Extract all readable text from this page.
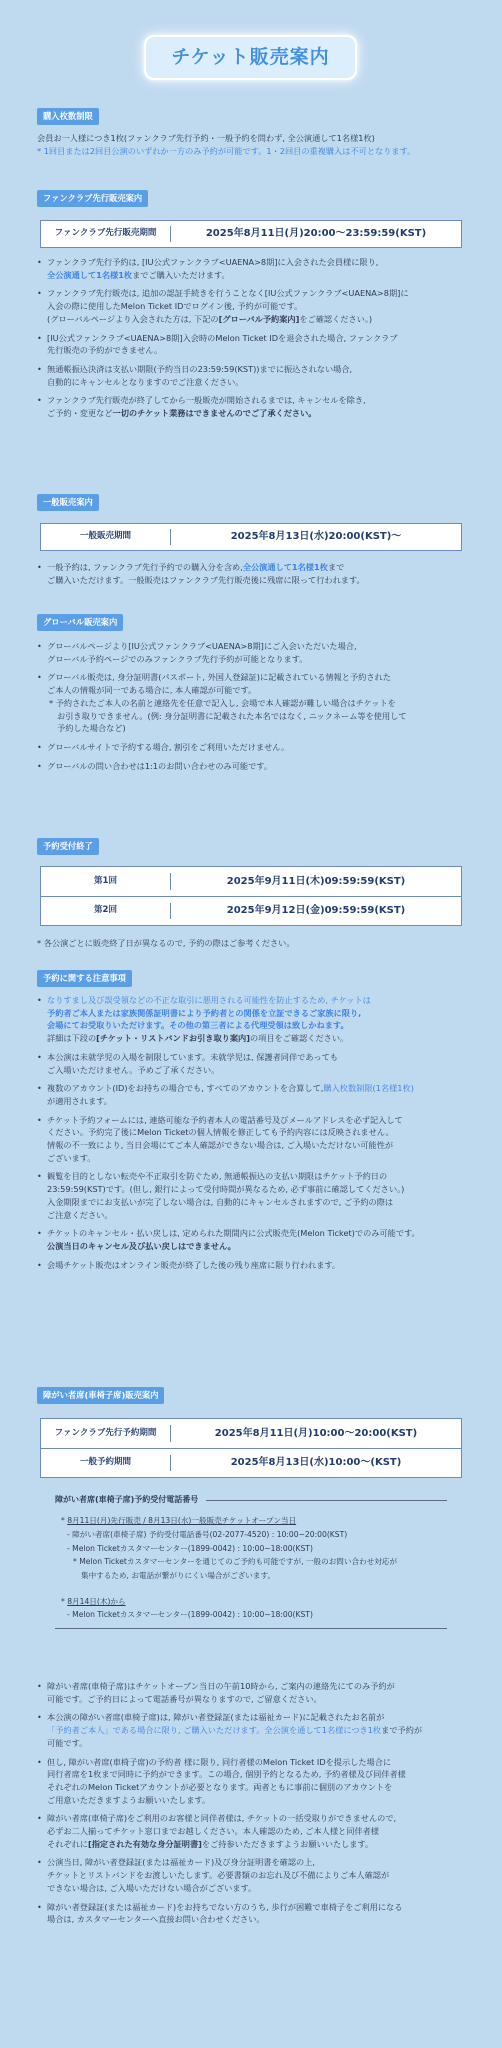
チケット販売案内
購入枚数制限
会員お一人様につき1枚(ファンクラブ先行予約・一般予約を問わず, 全公演通して1名様1枚)
* 1回目または2回目公演のいずれか一方のみ予約が可能です。1・2回目の重複購入は不可となります。
ファンクラブ先行販売案内
ファンクラブ先行販売期間	2025年8月11日(月)20:00～23:59:59(KST)
• ファンクラブ先行予約は, [IU公式ファンクラブ<UAENA>8期]に入会された会員様に限り,
全公演通して1名様1枚までご購入いただけます。
• ファンクラブ先行販売は, 追加の認証手続きを行うことなく[IU公式ファンクラブ<UAENA>8期]に
入会の際に使用したMelon Ticket IDでログイン後, 予約が可能です。
(グローバルページより入会された方は, 下記の[グローバル予約案内]をご確認ください。)
• [IU公式ファンクラブ<UAENA>8期]入会時のMelon Ticket IDを退会された場合, ファンクラブ
先行販売の予約ができません。
• 無通帳振込決済は支払い期限(予約当日の23:59:59(KST))までに振込されない場合,
自動的にキャンセルとなりますのでご注意ください。
• ファンクラブ先行販売が終了してから一般販売が開始されるまでは, キャンセルを除き,
ご予約・変更など一切のチケット業務はできませんのでご了承ください。
一般販売案内
一般販売期間	2025年8月13日(水)20:00(KST)～
• 一般予約は, ファンクラブ先行予約での購入分を含め,全公演通して1名様1枚まで
ご購入いただけます。一般販売はファンクラブ先行販売後に残席に限って行われます。
グローバル販売案内
• グローバルページより[IU公式ファンクラブ<UAENA>8期]にご入会いただいた場合,
グローバル予約ページでのみファンクラブ先行予約が可能となります。
• グローバル販売は, 身分証明書(パスポート, 外国人登録証)に記載されている情報と予約された
ご本人の情報が同一である場合に, 本人確認が可能です。
* 予約されたご本人の名前と連絡先を任意で記入し, 会場で本人確認が難しい場合はチケットを
お引き取りできません。(例: 身分証明書に記載された本名ではなく, ニックネーム等を使用して
予約した場合など)
• グローバルサイトで予約する場合, 割引をご利用いただけません。
• グローバルの問い合わせは1:1のお問い合わせのみ可能です。
予約受付終了
第1回	2025年9月11日(木)09:59:59(KST)
第2回	2025年9月12日(金)09:59:59(KST)
* 各公演ごとに販売終了日が異なるので, 予約の際はご参考ください。
予約に関する注意事項
• なりすまし及び誤受領などの不正な取引に悪用される可能性を防止するため, チケットは
予約者ご本人または家族関係証明書により予約者との関係を立証できるご家族に限り,
会場にてお受取りいただけます。その他の第三者による代理受領は致しかねます。
詳細は下段の[チケット・リストバンドお引き取り案内]の項目をご確認ください。
• 本公演は未就学児の入場を制限しています。未就学児は, 保護者同伴であっても
ご入場いただけません。予めご了承ください。
• 複数のアカウント(ID)をお持ちの場合でも, すべてのアカウントを合算して,購入枚数制限(1名様1枚)
が適用されます。
• チケット予約フォームには, 連絡可能な予約者本人の電話番号及びメールアドレスを必ず記入して
ください。予約完了後にMelon Ticketの個人情報を修正しても予約内容には反映されません。
情報の不一致により, 当日会場にてご本人確認ができない場合は, ご入場いただけない可能性が
ございます。
• 観覧を目的としない転売や不正取引を防ぐため, 無通帳振込の支払い期限はチケット予約日の
23:59:59(KST)です。(但し, 銀行によって受付時間が異なるため, 必ず事前に確認してください。)
入金期限までにお支払いが完了しない場合は, 自動的にキャンセルされますので, ご予約の際は
ご注意ください。
• チケットのキャンセル・払い戻しは, 定められた期間内に公式販売先(Melon Ticket)でのみ可能です。
公演当日のキャンセル及び払い戻しはできません。
• 会場チケット販売はオンライン販売が終了した後の残り座席に限り行われます。
障がい者席(車椅子席)販売案内
ファンクラブ先行予約期間	2025年8月11日(月)10:00～20:00(KST)
一般予約期間	2025年8月13日(水)10:00～(KST)
障がい者席(車椅子席)予約受付電話番号
* 8月11日(月)先行販売 / 8月13日(水)一般販売チケットオープン当日
- 障がい者席(車椅子席) 予約受付電話番号(02-2077-4520) : 10:00~20:00(KST)
- Melon Ticketカスタマーセンター(1899-0042) : 10:00~18:00(KST)
* Melon Ticketカスタマーセンターを通じてのご予約も可能ですが, 一般のお問い合わせ対応が
集中するため, お電話が繋がりにくい場合がございます。
* 8月14日(木)から
- Melon Ticketカスタマーセンター(1899-0042) : 10:00~18:00(KST)
• 障がい者席(車椅子席)はチケットオープン当日の午前10時から, ご案内の連絡先にてのみ予約が
可能です。ご予約日によって電話番号が異なりますので, ご留意ください。
• 本公演の障がい者席(車椅子席)は, 障がい者登録証(または福祉カード)に記載されたお名前が
「予約者ご本人」である場合に限り, ご購入いただけます。全公演を通して1名様につき1枚まで予約が
可能です。
• 但し, 障がい者席(車椅子席)の予約者 様に限り, 同行者様のMelon Ticket IDを提示した場合に
同行者席を1枚まで同時に予約ができます。この場合, 個別予約となるため, 予約者様及び同伴者様
それぞれのMelon Ticketアカウントが必要となります。両者ともに事前に個別のアカウントを
ご用意いただきますようお願いいたします。
• 障がい者席(車椅子席)をご利用のお客様と同伴者様は, チケットの一括受取りができませんので,
必ずお二人揃ってチケット窓口までお越しください。本人確認のため, ご本人様と同伴者様
それぞれに[指定された有効な身分証明書]をご持参いただきますようお願いいたします。
• 公演当日, 障がい者登録証(または福祉カード)及び身分証明書を確認の上,
チケットとリストバンドをお渡しいたします。必要書類のお忘れ及び不備によりご本人確認が
できない場合は, ご入場いただけない場合がございます。
• 障がい者登録証(または福祉カード)をお持ちでない方のうち, 歩行が困難で車椅子をご利用になる
場合は, カスタマーセンターへ直接お問い合わせください。
